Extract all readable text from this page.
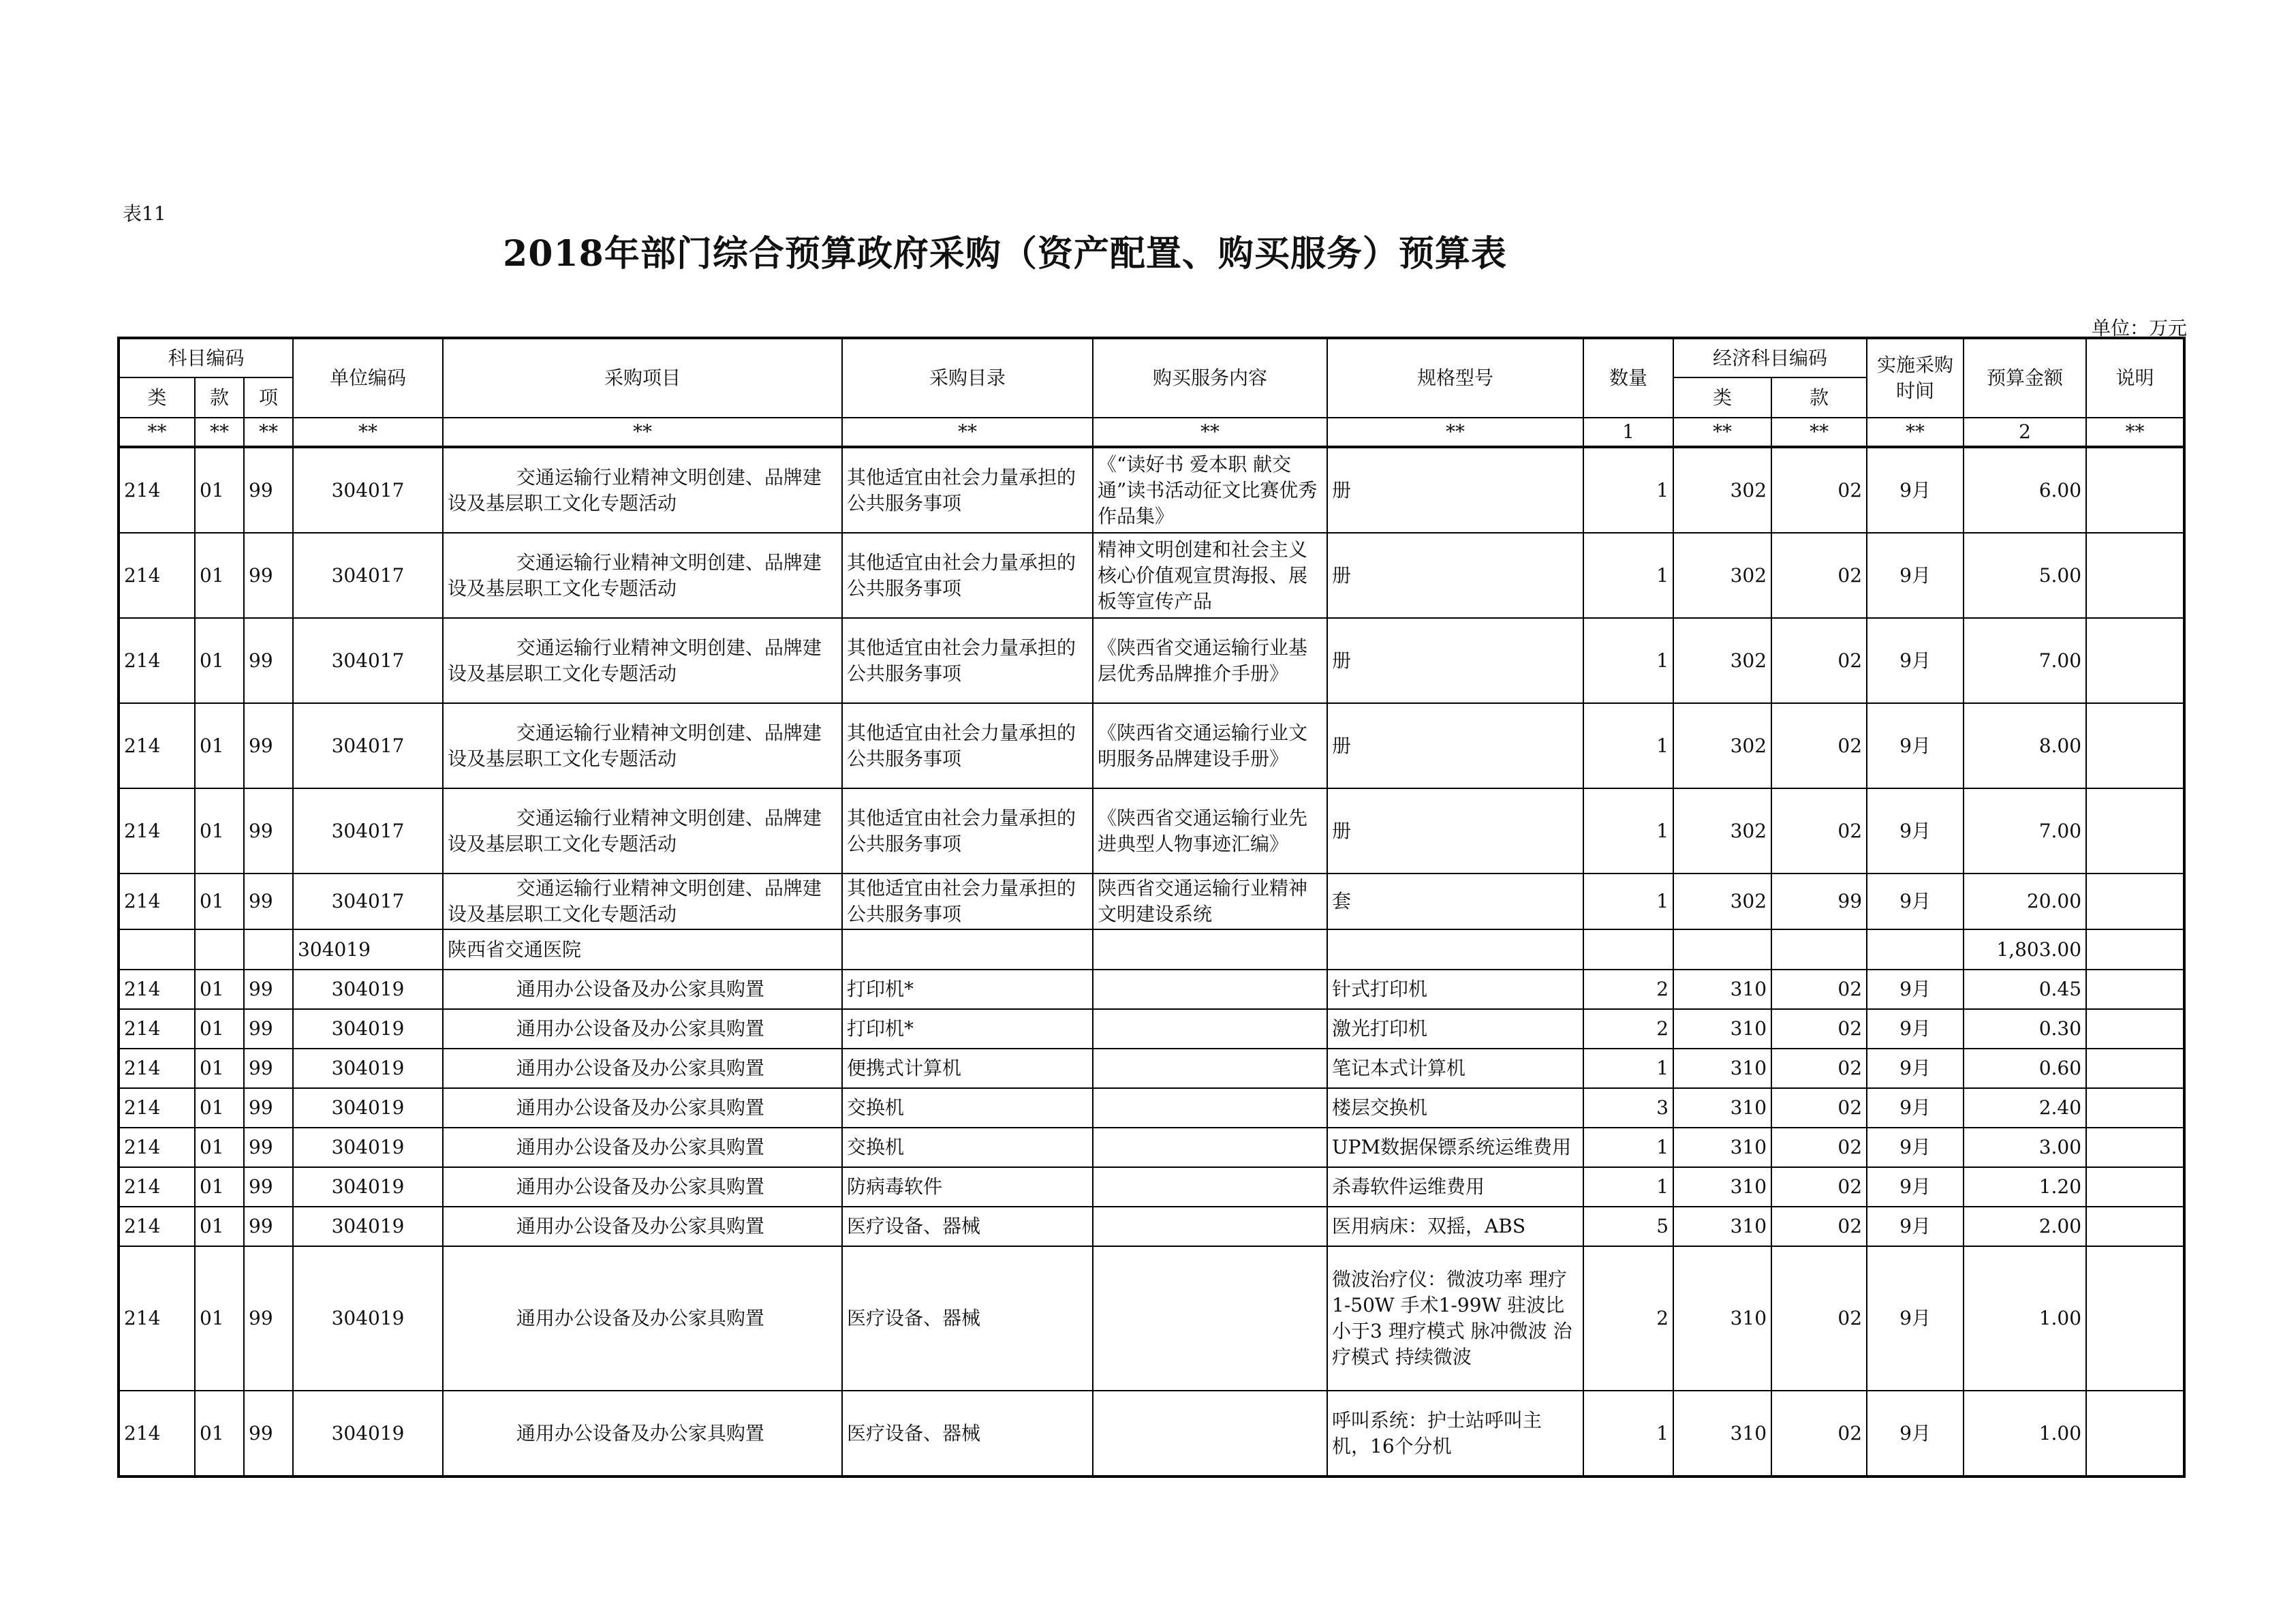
表11
2018年部门综合预算政府采购（资产配置、购买服务）预算表
单位：万元
科目编码			单位编码	采购项目	采购目录	购买服务内容	规格型号	数量	经济科目编码		实施采购时间	预算金额	说明
类	款	项							类	款			
**	**	**	**	**	**	**	**	1	**	**	**	2	**
214	01	99	304017	交通运输行业精神文明创建、品牌建设及基层职工文化专题活动	其他适宜由社会力量承担的公共服务事项	《“读好书 爱本职 献交通”读书活动征文比赛优秀作品集》	册	1	302	02	9月	6.00	
214	01	99	304017	交通运输行业精神文明创建、品牌建设及基层职工文化专题活动	其他适宜由社会力量承担的公共服务事项	精神文明创建和社会主义核心价值观宣贯海报、展板等宣传产品	册	1	302	02	9月	5.00	
214	01	99	304017	交通运输行业精神文明创建、品牌建设及基层职工文化专题活动	其他适宜由社会力量承担的公共服务事项	《陕西省交通运输行业基层优秀品牌推介手册》	册	1	302	02	9月	7.00	
214	01	99	304017	交通运输行业精神文明创建、品牌建设及基层职工文化专题活动	其他适宜由社会力量承担的公共服务事项	《陕西省交通运输行业文明服务品牌建设手册》	册	1	302	02	9月	8.00	
214	01	99	304017	交通运输行业精神文明创建、品牌建设及基层职工文化专题活动	其他适宜由社会力量承担的公共服务事项	《陕西省交通运输行业先进典型人物事迹汇编》	册	1	302	02	9月	7.00	
214	01	99	304017	交通运输行业精神文明创建、品牌建设及基层职工文化专题活动	其他适宜由社会力量承担的公共服务事项	陕西省交通运输行业精神文明建设系统	套	1	302	99	9月	20.00	
			304019	陕西省交通医院								1,803.00	
214	01	99	304019	通用办公设备及办公家具购置	打印机*		针式打印机	2	310	02	9月	0.45	
214	01	99	304019	通用办公设备及办公家具购置	打印机*		激光打印机	2	310	02	9月	0.30	
214	01	99	304019	通用办公设备及办公家具购置	便携式计算机		笔记本式计算机	1	310	02	9月	0.60	
214	01	99	304019	通用办公设备及办公家具购置	交换机		楼层交换机	3	310	02	9月	2.40	
214	01	99	304019	通用办公设备及办公家具购置	交换机		UPM数据保镖系统运维费用	1	310	02	9月	3.00	
214	01	99	304019	通用办公设备及办公家具购置	防病毒软件		杀毒软件运维费用	1	310	02	9月	1.20	
214	01	99	304019	通用办公设备及办公家具购置	医疗设备、器械		医用病床：双摇，ABS	5	310	02	9月	2.00	
214	01	99	304019	通用办公设备及办公家具购置	医疗设备、器械		微波治疗仪：微波功率 理疗1-50W 手术1-99W 驻波比 小于3 理疗模式 脉冲微波 治疗模式 持续微波	2	310	02	9月	1.00	
214	01	99	304019	通用办公设备及办公家具购置	医疗设备、器械		呼叫系统：护士站呼叫主机，16个分机	1	310	02	9月	1.00	
